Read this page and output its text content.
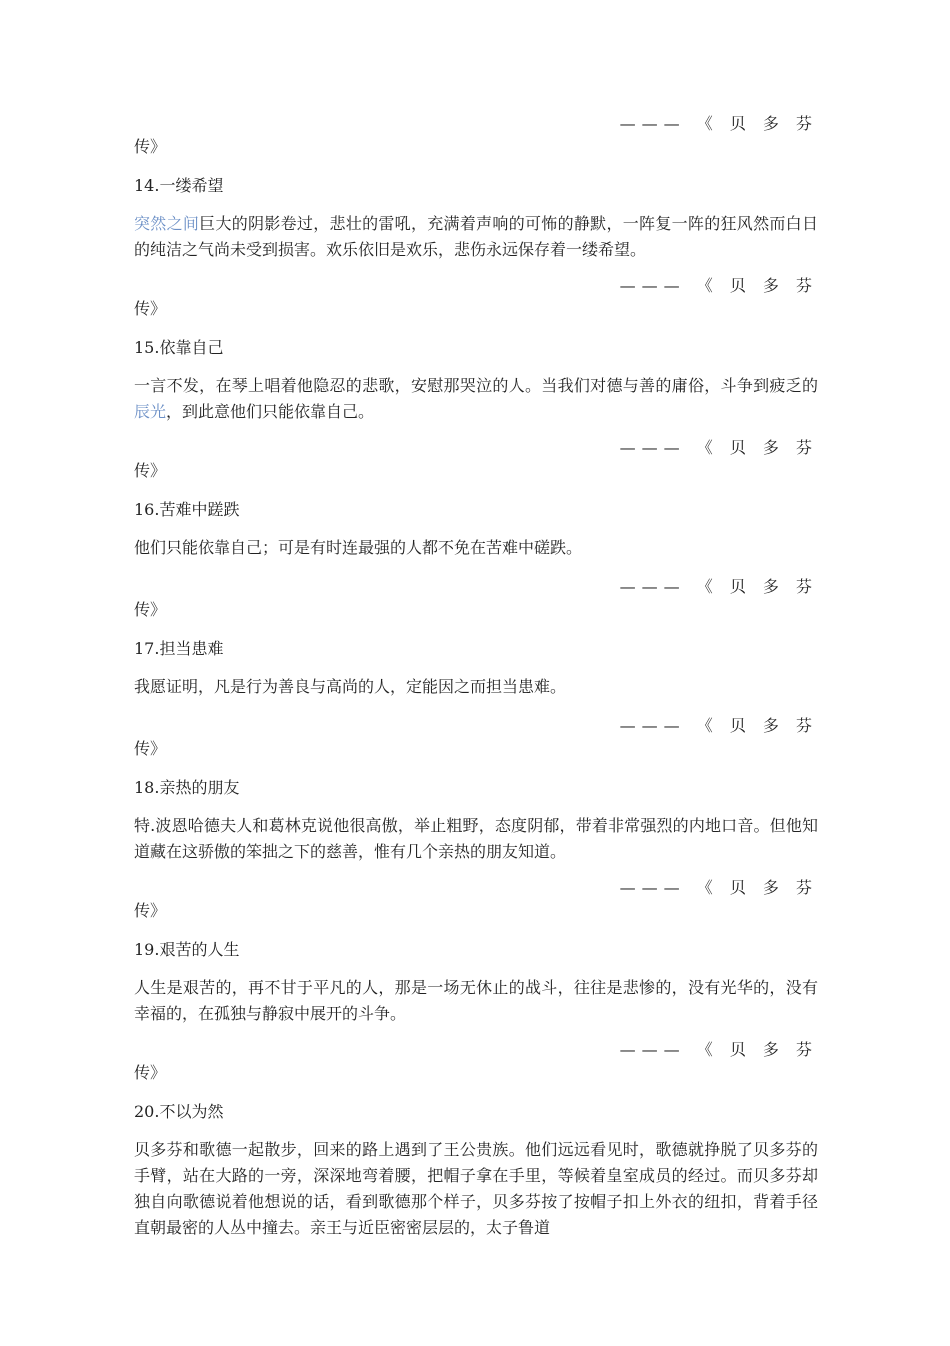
——— 《 贝 多 芬
传》
14.一缕希望
突然之间巨大的阴影卷过，悲壮的雷吼，充满着声响的可怖的静默，一阵复一阵的狂风然而白日的纯洁之气尚未受到损害。欢乐依旧是欢乐，悲伤永远保存着一缕希望。
——— 《 贝 多 芬
传》
15.依靠自己
一言不发，在琴上唱着他隐忍的悲歌，安慰那哭泣的人。当我们对德与善的庸俗，斗争到疲乏的辰光，到此意他们只能依靠自己。
——— 《 贝 多 芬
传》
16.苦难中蹉跌
他们只能依靠自己；可是有时连最强的人都不免在苦难中磋跌。
——— 《 贝 多 芬
传》
17.担当患难
我愿证明，凡是行为善良与高尚的人，定能因之而担当患难。
——— 《 贝 多 芬
传》
18.亲热的朋友
特.波恩哈德夫人和葛林克说他很高傲，举止粗野，态度阴郁，带着非常强烈的内地口音。但他知道藏在这骄傲的笨拙之下的慈善，惟有几个亲热的朋友知道。
——— 《 贝 多 芬
传》
19.艰苦的人生
人生是艰苦的，再不甘于平凡的人，那是一场无休止的战斗，往往是悲惨的，没有光华的，没有幸福的，在孤独与静寂中展开的斗争。
——— 《 贝 多 芬
传》
20.不以为然
贝多芬和歌德一起散步，回来的路上遇到了王公贵族。他们远远看见时，歌德就挣脱了贝多芬的手臂，站在大路的一旁，深深地弯着腰，把帽子拿在手里，等候着皇室成员的经过。而贝多芬却独自向歌德说着他想说的话，看到歌德那个样子，贝多芬按了按帽子扣上外衣的纽扣，背着手径直朝最密的人丛中撞去。亲王与近臣密密层层的，太子鲁道
